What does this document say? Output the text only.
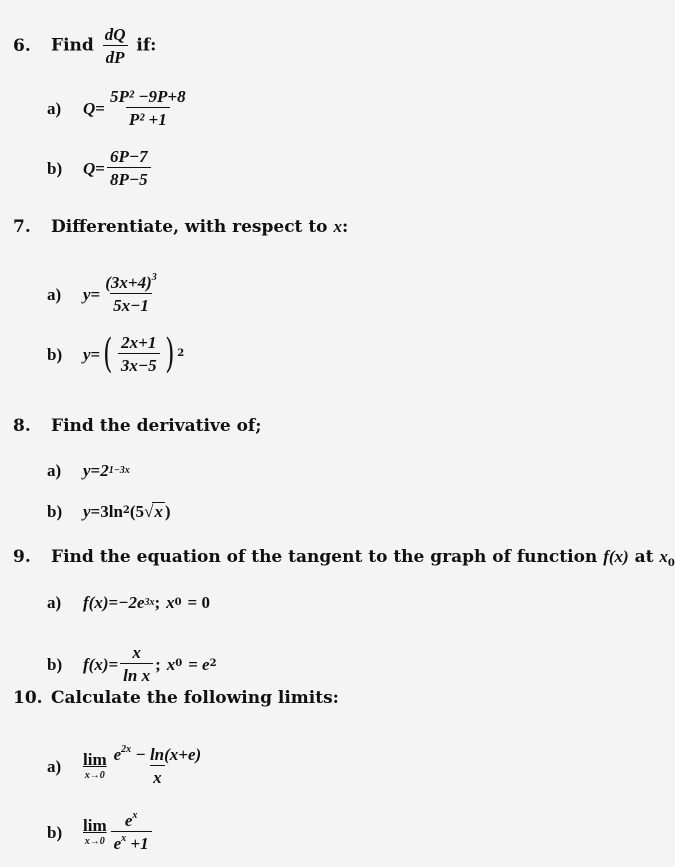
6. Find $\frac{dQ}{dP}$ if:
a)	$Q = \frac{\text{5P² −9P+8}}{\text{P² +1}}$
b)	$Q = \frac{6P-7}{8P-5}$
7. Differentiate, with respect to x:
a)	$y = \frac{(3x+4)^3}{5x-1}$
b)	y = ( $\frac{2x+1}{3x-5}$ ) 2
8. Find the derivative of;
a)	y = 2 1−3x
b)	y = 3ln 2 (5 √ x )
9. Find the equation of the tangent to the graph of function f(x) at $x_0$
a)	f(x) = −2e 3x ;
x 0
= 0
b)	$f(x) = \frac{x}{\text{ln x}}$ ;
x 0
= e 2
10. Calculate the following limits:
a)	lim
$x\to 0 \frac{e^{2x} - \ln(x+e)}{x}$
b)	lim
$x\to 0 \frac{e^x}{e^x +1}$
